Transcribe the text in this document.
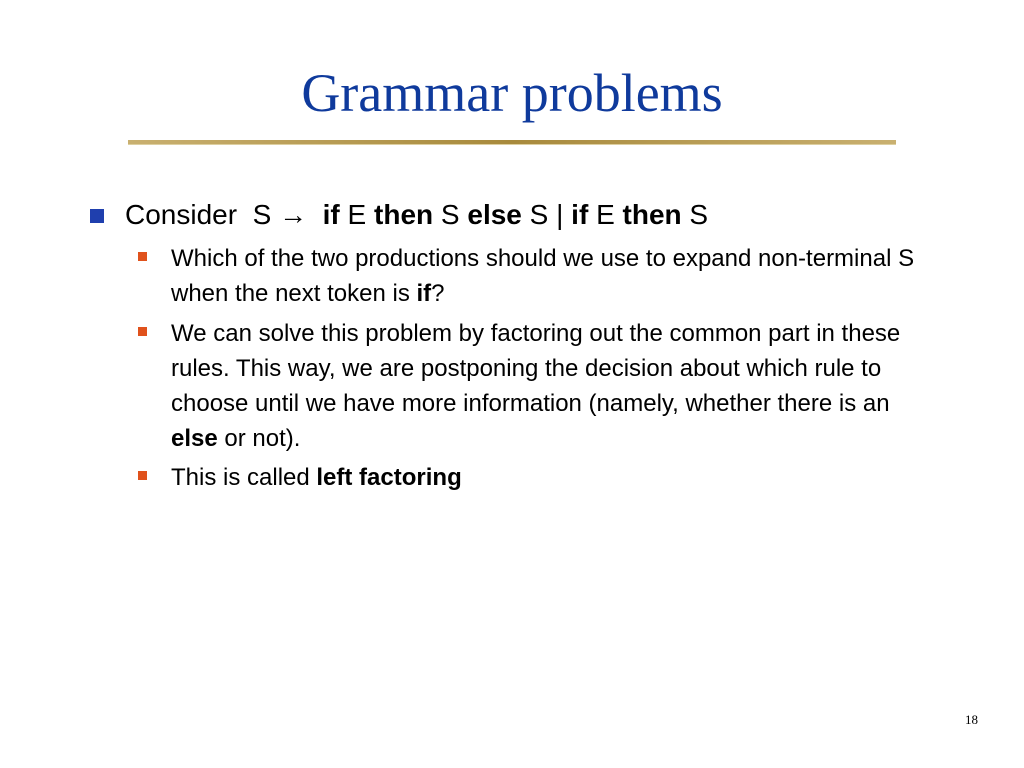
Grammar problems
Consider S → if E then S else S | if E then S
Which of the two productions should we use to expand non-terminal S when the next token is if?
We can solve this problem by factoring out the common part in these rules. This way, we are postponing the decision about which rule to choose until we have more information (namely, whether there is an else or not).
This is called left factoring
18
